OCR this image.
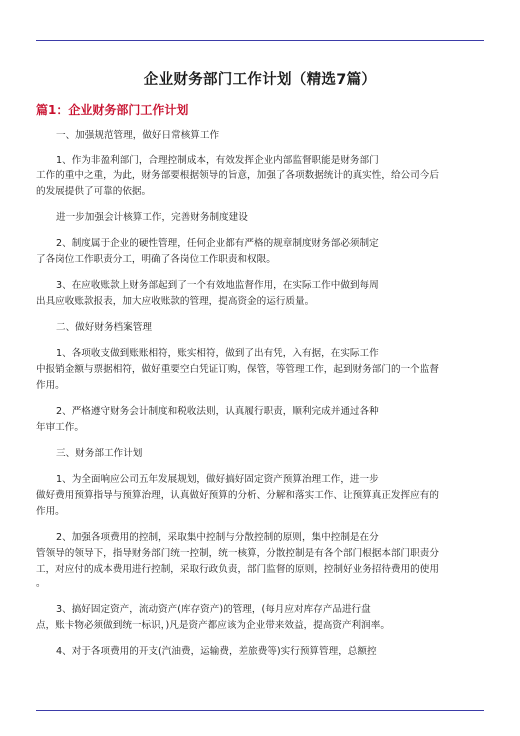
企业财务部门工作计划（精选7篇）
篇1：企业财务部门工作计划
一、加强规范管理，做好日常核算工作
1、作为非盈利部门，合理控制成本，有效发挥企业内部监督职能是财务部门
工作的重中之重，为此，财务部要根据领导的旨意，加强了各项数据统计的真实性，给公司今后
的发展提供了可靠的依据。
进一步加强会计核算工作，完善财务制度建设
2、制度属于企业的硬性管理，任何企业都有严格的规章制度财务部必须制定
了各岗位工作职责分工，明确了各岗位工作职责和权限。
3、在应收账款上财务部起到了一个有效地监督作用，在实际工作中做到每周
出具应收账款报表，加大应收账款的管理，提高资金的运行质量。
二、做好财务档案管理
1、各项收支做到账账相符，账实相符，做到了出有凭，入有据，在实际工作
中报销金额与票据相符，做好重要空白凭证订购，保管，等管理工作，起到财务部门的一个监督
作用。
2、严格遵守财务会计制度和税收法则，认真履行职责，顺利完成并通过各种
年审工作。
三、财务部工作计划
1、为全面响应公司五年发展规划，做好搞好固定资产预算治理工作，进一步
做好费用预算指导与预算治理，认真做好预算的分析、分解和落实工作、让预算真正发挥应有的
作用。
2、加强各项费用的控制，采取集中控制与分散控制的原则，集中控制是在分
管领导的领导下，指导财务部门统一控制，统一核算，分散控制是有各个部门根据本部门职责分
工，对应付的成本费用进行控制，采取行政负责，部门监督的原则，控制好业务招待费用的使用
。
3、搞好固定资产，流动资产(库存资产)的管理，(每月应对库存产品进行盘
点，账卡物必须做到统一标识，)凡是资产都应该为企业带来效益，提高资产利润率。
4、对于各项费用的开支(汽油费，运输费，差旅费等)实行预算管理，总额控
